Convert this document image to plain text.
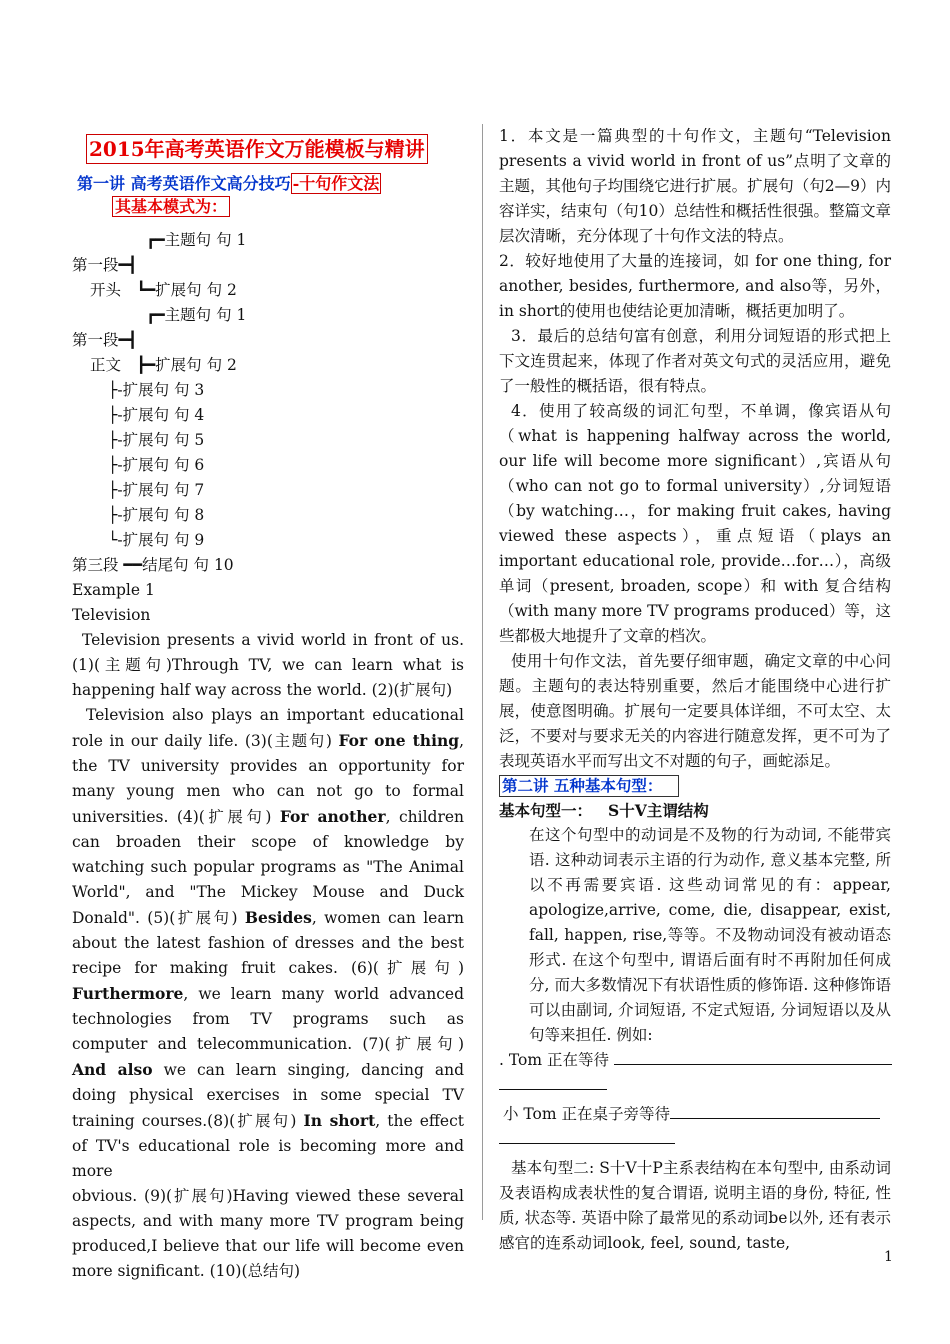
2015年高考英语作文万能模板与精讲
第一讲 高考英语作文高分技巧 -十句作文法
其基本模式为：
┏━主题句 句 1
第一段━┫
开头　┗━扩展句 句 2
┏━主题句 句 1
第一段━┫
正文　┣━扩展句 句 2
├-扩展句 句 3
├-扩展句 句 4
├-扩展句 句 5
├-扩展句 句 6
├-扩展句 句 7
├-扩展句 句 8
└-扩展句 句 9
第三段 ━━结尾句 句 10
Example 1
Television
Television presents a vivid world in front of us. (1)(主题句)Through TV, we can learn what is happening half way across the world. (2)(扩展句)
Television also plays an important educational role in our daily life. (3)(主题句) For one thing, the TV university provides an opportunity for many young men who can not go to formal universities. (4)(扩展句) For another, children can broaden their scope of knowledge by watching such popular programs as "The Animal World", and "The Mickey Mouse and Duck Donald". (5)(扩展句) Besides, women can learn about the latest fashion of dresses and the best recipe for making fruit cakes. (6)(扩展句) Furthermore, we learn many world advanced technologies from TV programs such as computer and telecommunication. (7)(扩展句) And also we can learn singing, dancing and doing physical exercises in some special TV training courses.(8)(扩展句) In short, the effect of TV's educational role is becoming more and more
obvious. (9)(扩展句)Having viewed these several aspects, and with many more TV program being produced,I believe that our life will become even more significant. (10)(总结句)
1．本文是一篇典型的十句作文，主题句“Television presents a vivid world in front of us”点明了文章的主题，其他句子均围绕它进行扩展。扩展句（句2—9）内容详实，结束句（句10）总结性和概括性很强。整篇文章层次清晰，充分体现了十句作文法的特点。
2．较好地使用了大量的连接词，如 for one thing, for another, besides, furthermore, and also等，另外，in short的使用也使结论更加清晰，概括更加明了。
3．最后的总结句富有创意，利用分词短语的形式把上下文连贯起来，体现了作者对英文句式的灵活应用，避免了一般性的概括语，很有特点。
4．使用了较高级的词汇句型，不单调，像宾语从句（what is happening halfway across the world, our life will become more significant）,宾语从句（who can not go to formal university）,分词短语（by watching…，for making fruit cakes, having viewed these aspects），重点短语（plays an important educational role, provide…for…），高级单词（present, broaden, scope）和 with 复合结构（with many more TV programs produced）等，这些都极大地提升了文章的档次。
使用十句作文法，首先要仔细审题，确定文章的中心问题。主题句的表达特别重要，然后才能围绕中心进行扩展，使意图明确。扩展句一定要具体详细，不可太空、太泛，不要对与要求无关的内容进行随意发挥，更不可为了表现英语水平而写出文不对题的句子，画蛇添足。
第二讲 五种基本句型：
基本句型一： S十V主谓结构
在这个句型中的动词是不及物的行为动词, 不能带宾语. 这种动词表示主语的行为动作, 意义基本完整, 所以不再需要宾语. 这些动词常见的有：appear, apologize,arrive, come, die, disappear, exist, fall, happen, rise,等等。不及物动词没有被动语态形式. 在这个句型中, 谓语后面有时不再附加任何成分, 而大多数情况下有状语性质的修饰语. 这种修饰语可以由副词, 介词短语, 不定式短语, 分词短语以及从句等来担任. 例如:
. Tom 正在等待
小 Tom 正在桌子旁等待
基本句型二: S十V十P主系表结构在本句型中, 由系动词及表语构成表状性的复合谓语, 说明主语的身份, 特征, 性质, 状态等. 英语中除了最常见的系动词be以外, 还有表示感官的连系动词look, feel, sound, taste,
1
